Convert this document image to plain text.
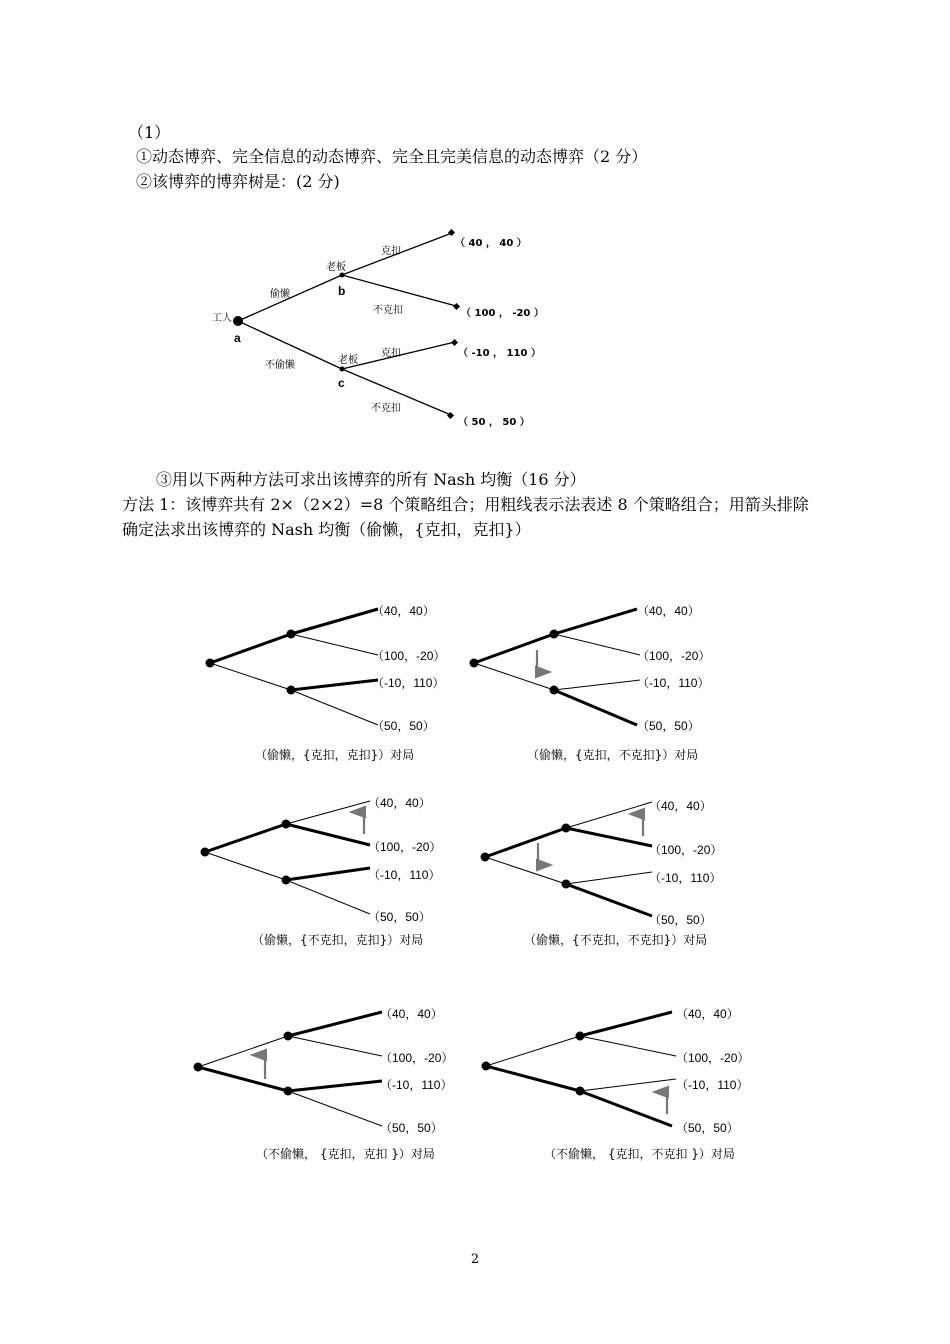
（1）
①动态博弈、完全信息的动态博弈、完全且完美信息的动态博弈（2 分）
②该博弈的博弈树是：(2 分)
③用以下两种方法可求出该博弈的所有 Nash 均衡（16 分）
方法 1：该博弈共有 2×（2×2）=8 个策略组合；用粗线表示法表述 8 个策略组合；用箭头排除
确定法求出该博弈的 Nash 均衡（偷懒，{克扣，克扣}）
工人
a
老板
b
老板
c
偷懒
不偷懒
克扣
不克扣
克扣
不克扣
（ 40 ， 40 ）
（ 100 ， -20 ）
（ -10 ， 110 ）
（ 50 ， 50 ）
（40，40）
（100，-20）
（-10，110）
（50，50）
（偷懒，{克扣，克扣}）对局
（40，40）
（100，-20）
（-10，110）
（50，50）
（偷懒，{克扣，不克扣}）对局
（40，40）
（100，-20）
（-10，110）
（50，50）
（偷懒，{不克扣，克扣}）对局
（40，40）
（100，-20）
（-10，110）
（50，50）
（偷懒，{不克扣，不克扣}）对局
（40，40）
（100，-20）
（-10，110）
（50，50）
（不偷懒， {克扣，克扣 }）对局
（40，40）
（100，-20）
（-10，110）
（50，50）
（不偷懒， {克扣，不克扣 }）对局
2
